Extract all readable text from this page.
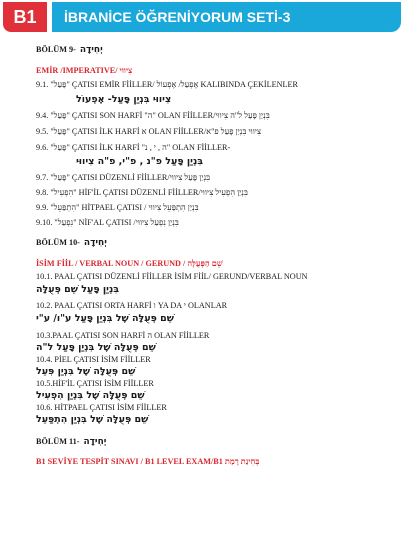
B1	İBRANİCE ÖĞRENİYORUM SETİ-3
BÖLÜM 9- יְחִידָה
EMİR /IMPERATIVE/ צִיווּי
9.1. "פָּעַל" ÇATISI EMİR FİİLLER/ אֶפְעַל/ אֶפְעוֹל KALIBINDA ÇEKİLENLER
צִיווּי בִּנְיַן פָּעַל- אֶפְעוֹל
9.4. "פָּעַל" ÇATISI SON HARFİ "ה" OLAN FİİLLER/בִּנְיַן פָּעַל ל"ה צִיווּי
9.5. "פָּעַל" ÇATISI İLK HARFİ א OLAN FİİLLER/צִיווּי בִּנְיַן פָּעַל פ"א
9.6. "פָּעַל" ÇATISI İLK HARFİ "ה , י , נ" OLAN FİİLLER-
בִּנְיַן פָּעַל פ"נ , פ"י, פ"ה צִיווּי
9.7. "פָּעַל" ÇATISI DÜZENLİ FİİLLER/בִּנְיַן פָּעַל צִיווּי
9.8. "הִפְעִיל" HİF'İL ÇATISI DÜZENLİ FİİLLER/בִּנְיַן הִפְעִיל צִיווּי
9.9. "הִתְפַּעֵל" HİTPAEL ÇATISI / בִּנְיַן הִתְפַּעֵל צִיווּי
9.10. "נִפְעַל" NİF'AL ÇATISI /בִּנְיַן נִפְעַל צִיווּי
BÖLÜM 10- יְחִידָה
İSİM FİİL / VERBAL NOUN / GERUND / שֵׁם הַפְּעֻלָּה
10.1. PAAL ÇATISI DÜZENLİ FİİLLER İSİM FİİL/ GERUND/VERBAL NOUN
בִּנְיַן פָּעַל שֵׁם פְּעֻלָּה
10.2. PAAL ÇATISI ORTA HARFİ ו YA DA י OLANLAR
שֵׁם פְּעֻלָּה שֶׁל בִּנְיַן פָּעַל ע"ו/ ע"י
10.3.PAAL ÇATISI SON HARFİ ה OLAN FİİLLER
שֵׁם פְּעֻלָּה שֶׁל בִּנְיַן פָּעַל ל"ה
10.4. PİEL ÇATISI İSİM FİİLLER
שֵׁם פְּעֻלָּה שֶׁל בִּנְיַן פִּעֵל
10.5.HİF'İL ÇATISI İSİM FİİLLER
שֵׁם פְּעֻלָּה שֶׁל בִּנְיַן הִפְעִיל
10.6. HİTPAEL ÇATISI İSİM FİİLLER
שֵׁם פְּעֻלָּה שֶׁל בִּנְיַן הִתְפַּעֵל
BÖLÜM 11- יְחִידָה
B1 SEVİYE TESPİT SINAVI / B1 LEVEL EXAM/B1 בְּחִינַת רָמַת
